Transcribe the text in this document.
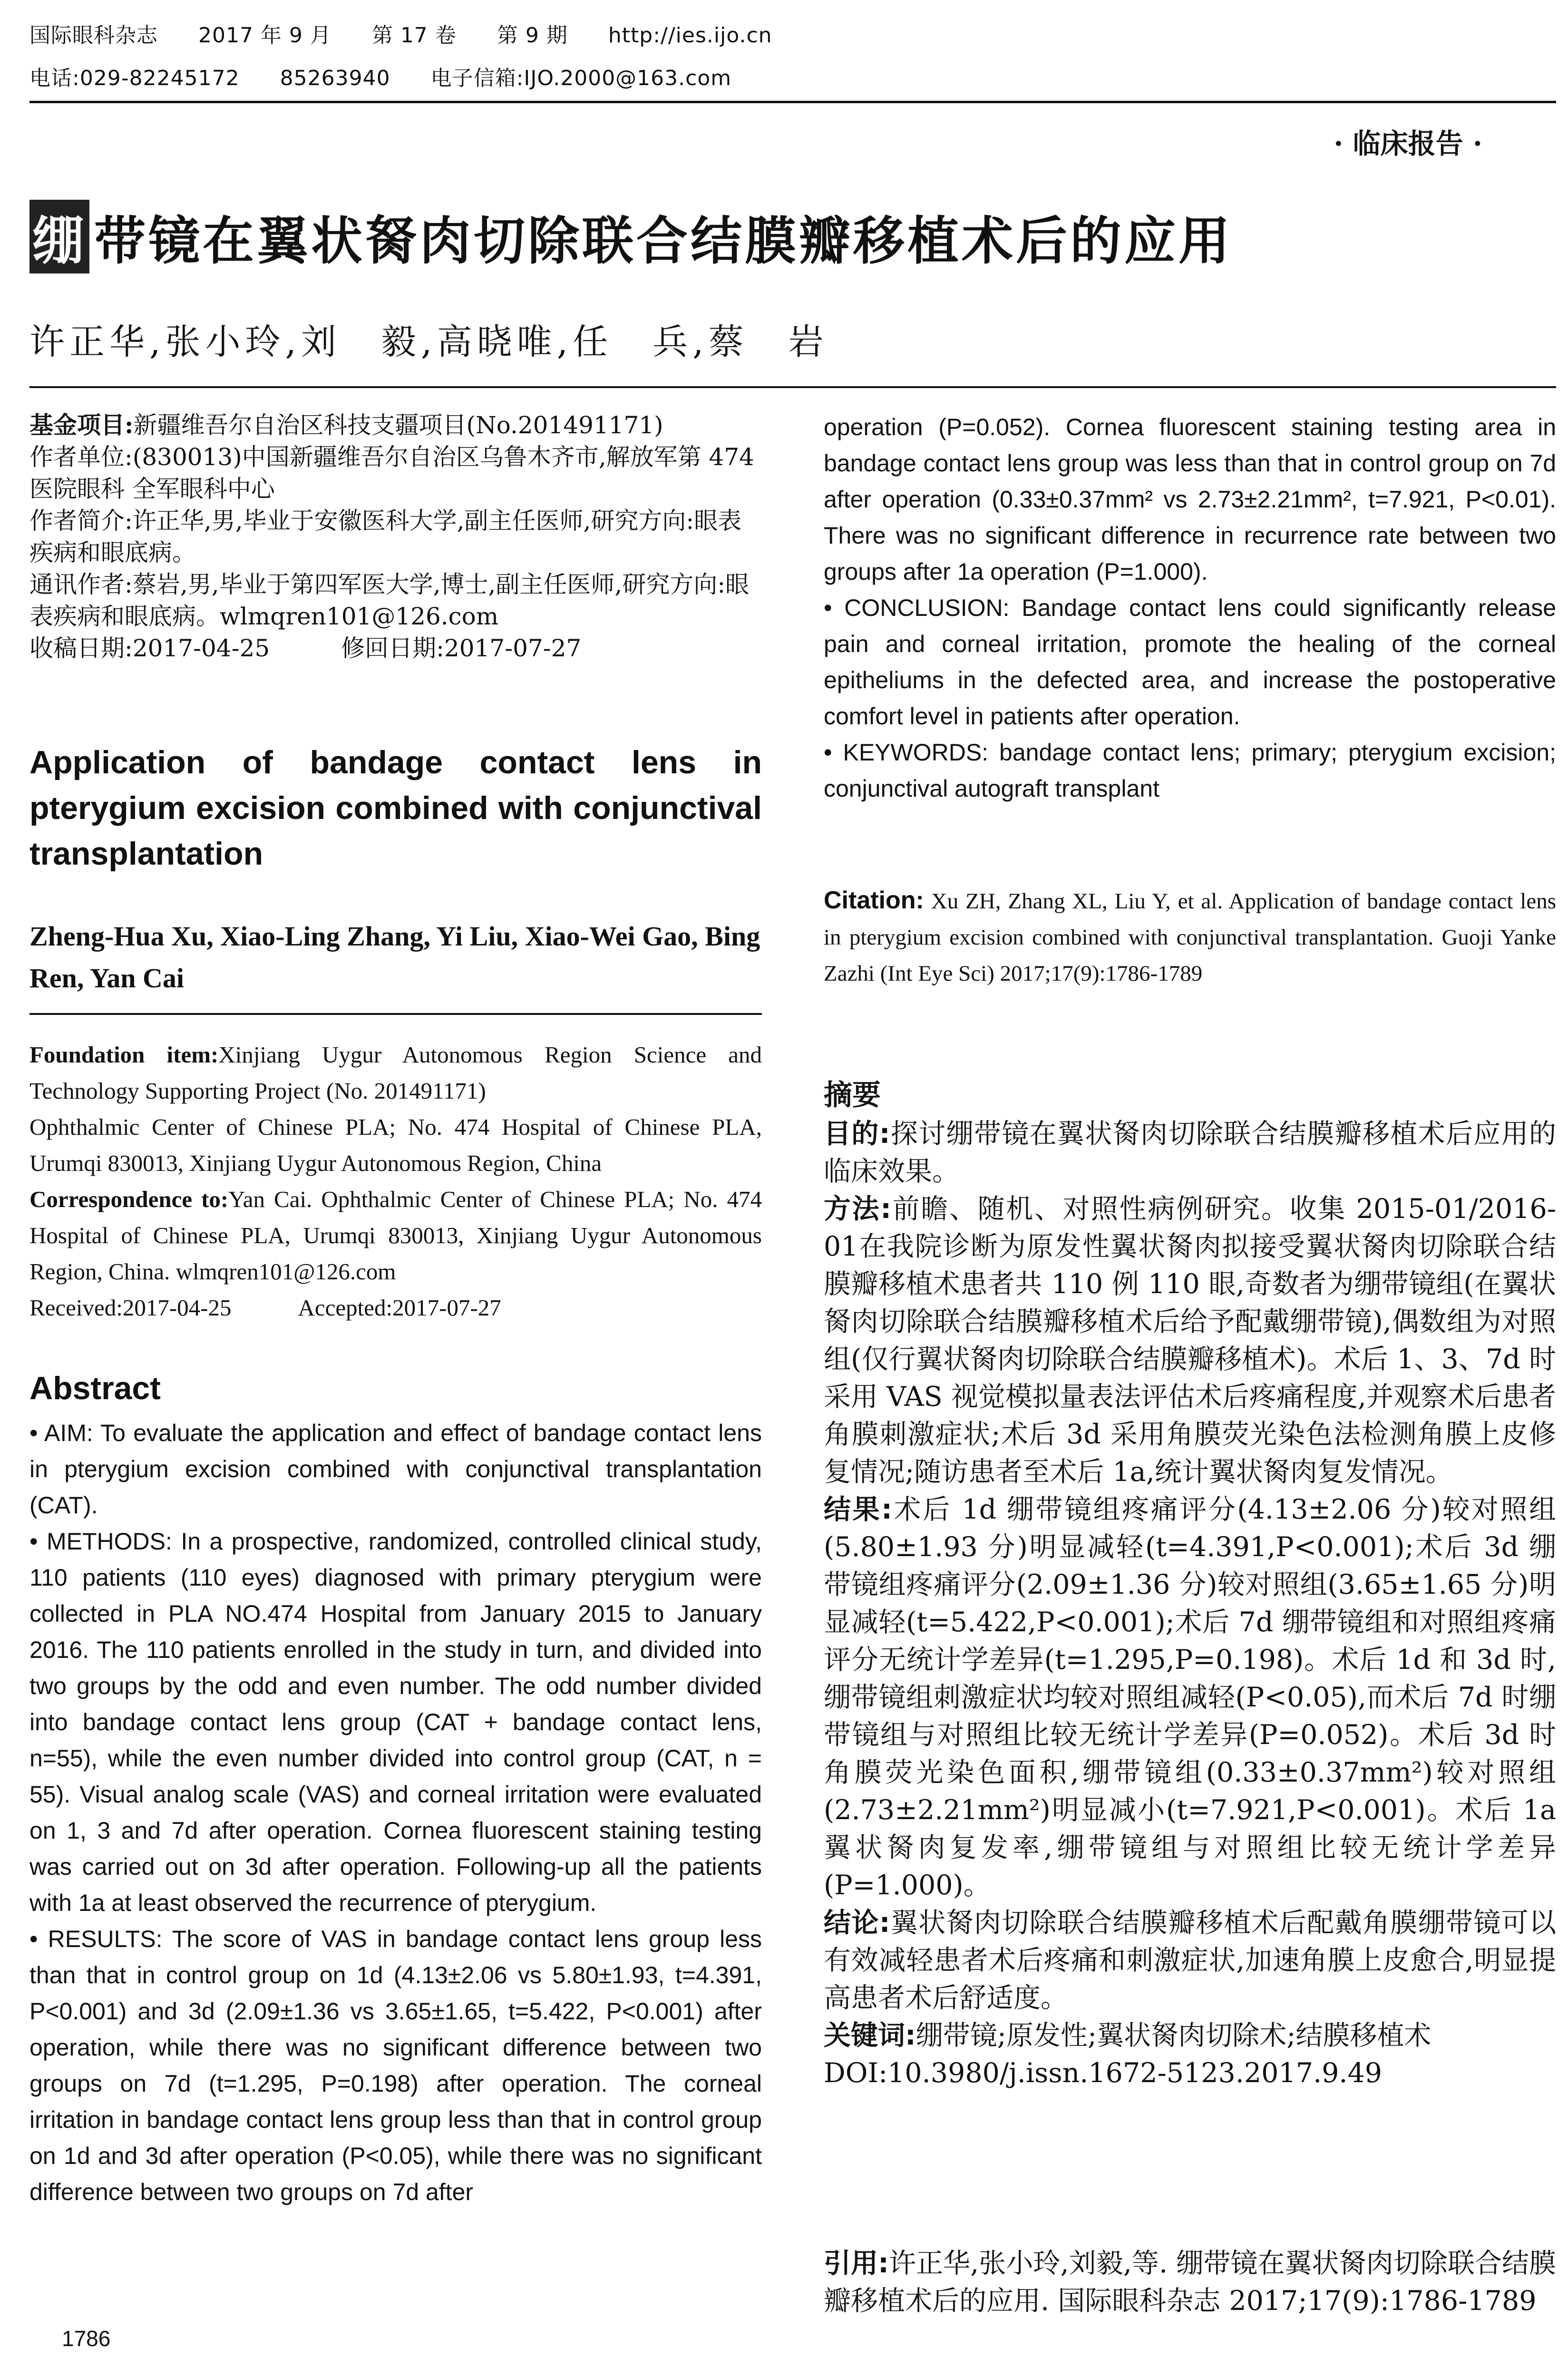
国际眼科杂志 2017 年 9 月 第 17 卷 第 9 期 http://ies.ijo.cn
电话:029-82245172 85263940 电子信箱:IJO.2000@163.com
· 临床报告 ·
绷 带镜在翼状胬肉切除联合结膜瓣移植术后的应用
许正华,张小玲,刘　毅,高晓唯,任　兵,蔡　岩
基金项目:新疆维吾尔自治区科技支疆项目(No.201491171)
作者单位:(830013)中国新疆维吾尔自治区乌鲁木齐市,解放军第 474 医院眼科 全军眼科中心
作者简介:许正华,男,毕业于安徽医科大学,副主任医师,研究方向:眼表疾病和眼底病。
通讯作者:蔡岩,男,毕业于第四军医大学,博士,副主任医师,研究方向:眼表疾病和眼底病。wlmqren101@126.com
收稿日期:2017-04-25	修回日期:2017-07-27
Application of bandage contact lens in pterygium excision combined with conjunctival transplantation
Zheng-Hua Xu, Xiao-Ling Zhang, Yi Liu, Xiao-Wei Gao, Bing Ren, Yan Cai
Foundation item:Xinjiang Uygur Autonomous Region Science and Technology Supporting Project (No. 201491171)
Ophthalmic Center of Chinese PLA; No. 474 Hospital of Chinese PLA, Urumqi 830013, Xinjiang Uygur Autonomous Region, China
Correspondence to:Yan Cai. Ophthalmic Center of Chinese PLA; No. 474 Hospital of Chinese PLA, Urumqi 830013, Xinjiang Uygur Autonomous Region, China. wlmqren101@126.com
Received:2017-04-25	Accepted:2017-07-27
Abstract

• AIM: To evaluate the application and effect of bandage contact lens in pterygium excision combined with conjunctival transplantation (CAT).

• METHODS: In a prospective, randomized, controlled clinical study, 110 patients (110 eyes) diagnosed with primary pterygium were collected in PLA NO.474 Hospital from January 2015 to January 2016. The 110 patients enrolled in the study in turn, and divided into two groups by the odd and even number. The odd number divided into bandage contact lens group (CAT + bandage contact lens, n=55), while the even number divided into control group (CAT, n = 55). Visual analog scale (VAS) and corneal irritation were evaluated on 1, 3 and 7d after operation. Cornea fluorescent staining testing was carried out on 3d after operation. Following-up all the patients with 1a at least observed the recurrence of pterygium.

• RESULTS: The score of VAS in bandage contact lens group less than that in control group on 1d (4.13±2.06 vs 5.80±1.93, t=4.391, P<0.001) and 3d (2.09±1.36 vs 3.65±1.65, t=5.422, P<0.001) after operation, while there was no significant difference between two groups on 7d (t=1.295, P=0.198) after operation. The corneal irritation in bandage contact lens group less than that in control group on 1d and 3d after operation (P<0.05), while there was no significant difference between two groups on 7d after

1786

operation (P=0.052). Cornea fluorescent staining testing area in bandage contact lens group was less than that in control group on 7d after operation (0.33±0.37mm² vs 2.73±2.21mm², t=7.921, P<0.01). There was no significant difference in recurrence rate between two groups after 1a operation (P=1.000).

• CONCLUSION: Bandage contact lens could significantly release pain and corneal irritation, promote the healing of the corneal epitheliums in the defected area, and increase the postoperative comfort level in patients after operation.

• KEYWORDS: bandage contact lens; primary; pterygium excision; conjunctival autograft transplant

Citation: Xu ZH, Zhang XL, Liu Y, et al. Application of bandage contact lens in pterygium excision combined with conjunctival transplantation. Guoji Yanke Zazhi (Int Eye Sci) 2017;17(9):1786-1789
摘要

目的:探讨绷带镜在翼状胬肉切除联合结膜瓣移植术后应用的临床效果。

方法:前瞻、随机、对照性病例研究。收集 2015-01/2016-01在我院诊断为原发性翼状胬肉拟接受翼状胬肉切除联合结膜瓣移植术患者共 110 例 110 眼,奇数者为绷带镜组(在翼状胬肉切除联合结膜瓣移植术后给予配戴绷带镜),偶数组为对照组(仅行翼状胬肉切除联合结膜瓣移植术)。术后 1、3、7d 时采用 VAS 视觉模拟量表法评估术后疼痛程度,并观察术后患者角膜刺激症状;术后 3d 采用角膜荧光染色法检测角膜上皮修复情况;随访患者至术后 1a,统计翼状胬肉复发情况。

结果:术后 1d 绷带镜组疼痛评分(4.13±2.06 分)较对照组(5.80±1.93 分)明显减轻(t=4.391,P<0.001);术后 3d 绷带镜组疼痛评分(2.09±1.36 分)较对照组(3.65±1.65 分)明显减轻(t=5.422,P<0.001);术后 7d 绷带镜组和对照组疼痛评分无统计学差异(t=1.295,P=0.198)。术后 1d 和 3d 时,绷带镜组刺激症状均较对照组减轻(P<0.05),而术后 7d 时绷带镜组与对照组比较无统计学差异(P=0.052)。术后 3d 时角膜荧光染色面积,绷带镜组(0.33±0.37mm²)较对照组(2.73±2.21mm²)明显减小(t=7.921,P<0.001)。术后 1a 翼状胬肉复发率,绷带镜组与对照组比较无统计学差异(P=1.000)。

结论:翼状胬肉切除联合结膜瓣移植术后配戴角膜绷带镜可以有效减轻患者术后疼痛和刺激症状,加速角膜上皮愈合,明显提高患者术后舒适度。

关键词:绷带镜;原发性;翼状胬肉切除术;结膜移植术

DOI:10.3980/j.issn.1672-5123.2017.9.49

引用:许正华,张小玲,刘毅,等. 绷带镜在翼状胬肉切除联合结膜瓣移植术后的应用. 国际眼科杂志 2017;17(9):1786-1789
